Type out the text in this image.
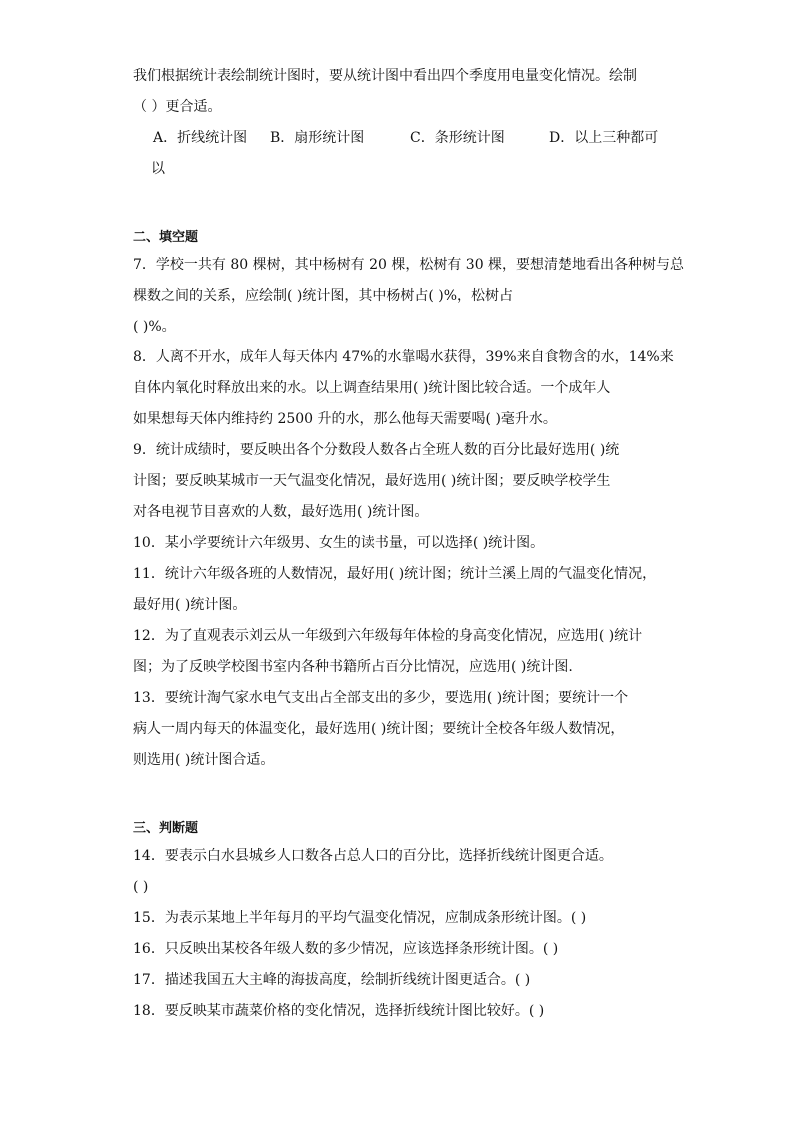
我们根据统计表绘制统计图时，要从统计图中看出四个季度用电量变化情况。绘制
（ ）更合适。
A．折线统计图 B．扇形统计图	C．条形统计图	D．以上三种都可
以
二、填空题
7．学校一共有 80 棵树，其中杨树有 20 棵，松树有 30 棵，要想清楚地看出各种树与总
棵数之间的关系，应绘制( )统计图，其中杨树占( )%，松树占
( )%。
8．人离不开水，成年人每天体内 47%的水靠喝水获得，39%来自食物含的水，14%来
自体内氧化时释放出来的水。以上调查结果用( )统计图比较合适。一个成年人
如果想每天体内维持约 2500 升的水，那么他每天需要喝( )毫升水。
9．统计成绩时，要反映出各个分数段人数各占全班人数的百分比最好选用( )统
计图；要反映某城市一天气温变化情况，最好选用( )统计图；要反映学校学生
对各电视节目喜欢的人数，最好选用( )统计图。
10．某小学要统计六年级男、女生的读书量，可以选择( )统计图。
11．统计六年级各班的人数情况，最好用( )统计图；统计兰溪上周的气温变化情况，
最好用( )统计图。
12．为了直观表示刘云从一年级到六年级每年体检的身高变化情况，应选用( )统计
图；为了反映学校图书室内各种书籍所占百分比情况，应选用( )统计图.
13．要统计淘气家水电气支出占全部支出的多少，要选用( )统计图；要统计一个
病人一周内每天的体温变化，最好选用( )统计图；要统计全校各年级人数情况，
则选用( )统计图合适。
三、判断题
14．要表示白水县城乡人口数各占总人口的百分比，选择折线统计图更合适。
( )
15．为表示某地上半年每月的平均气温变化情况，应制成条形统计图。( )
16．只反映出某校各年级人数的多少情况，应该选择条形统计图。( )
17．描述我国五大主峰的海拔高度，绘制折线统计图更适合。( )
18．要反映某市蔬菜价格的变化情况，选择折线统计图比较好。( )
